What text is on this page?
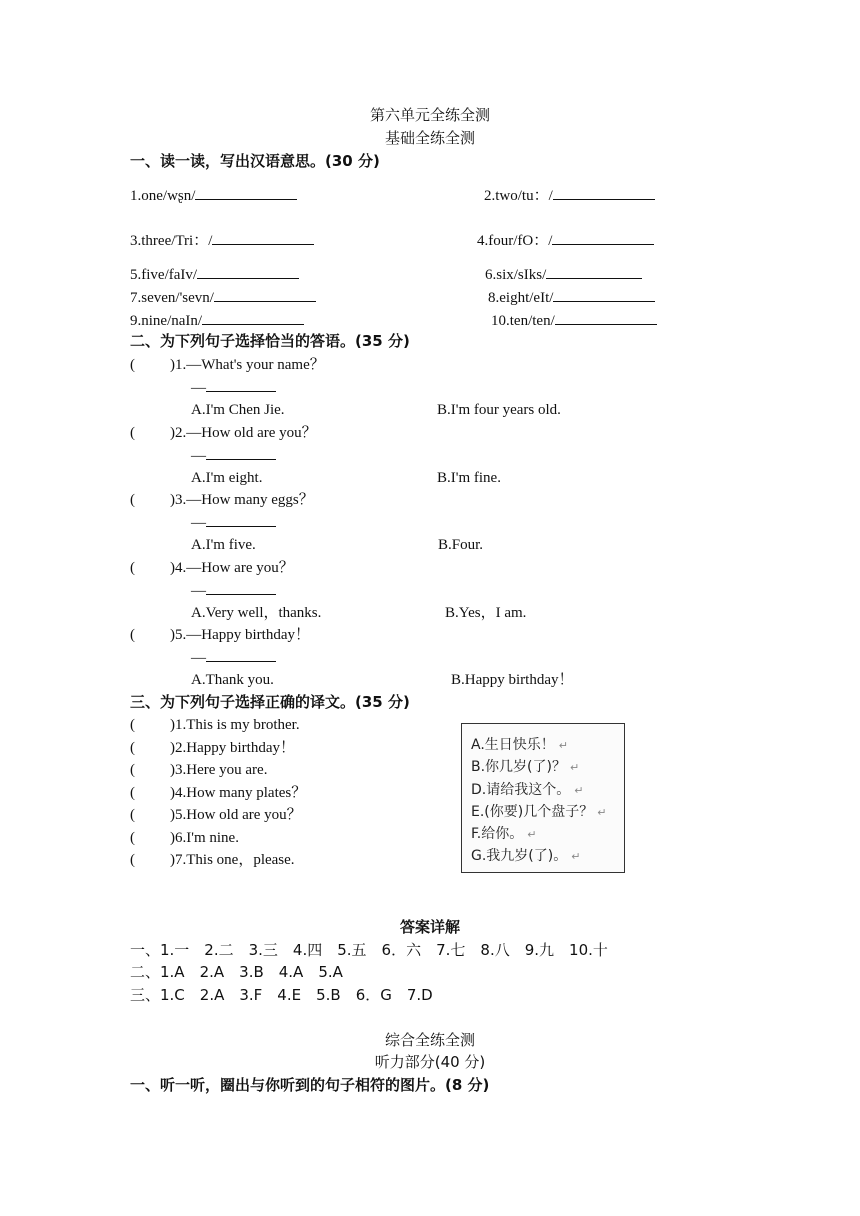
第六单元全练全测
基础全练全测
一、读一读，写出汉语意思。(30 分)
1.one/wʂn/	2.two/tu：/
3.three/Tri：/	4.four/fO：/
5.five/faIv/	6.six/sIks/
7.seven/'sevn/	8.eight/eIt/
9.nine/naIn/	10.ten/ten/
二、为下列句子选择恰当的答语。(35 分)
( )1.—What's your name？
—
A.I'm Chen Jie.	B.I'm four years old.
( )2.—How old are you？
—
A.I'm eight.	B.I'm fine.
( )3.—How many eggs？
—
A.I'm five.	B.Four.
( )4.—How are you？
—
A.Very well，thanks.	B.Yes，I am.
( )5.—Happy birthday！
—
A.Thank you.	B.Happy birthday！
三、为下列句子选择正确的译文。(35 分)
( )1.This is my brother.
( )2.Happy birthday！
( )3.Here you are.
( )4.How many plates？
( )5.How old are you？
( )6.I'm nine.
( )7.This one，please.
A.生日快乐！ ↵
B.你几岁(了)？ ↵
D.请给我这个。 ↵
E.(你要)几个盘子？ ↵
F.给你。 ↵
G.我九岁(了)。 ↵
答案详解
一、1.一　2.二　3.三　4.四　5.五　6．六　7.七　8.八　9.九　10.十
二、1.A　2.A　3.B　4.A　5.A
三、1.C　2.A　3.F　4.E　5.B　6．G　7.D
综合全练全测
听力部分(40 分)
一、听一听，圈出与你听到的句子相符的图片。(8 分)
